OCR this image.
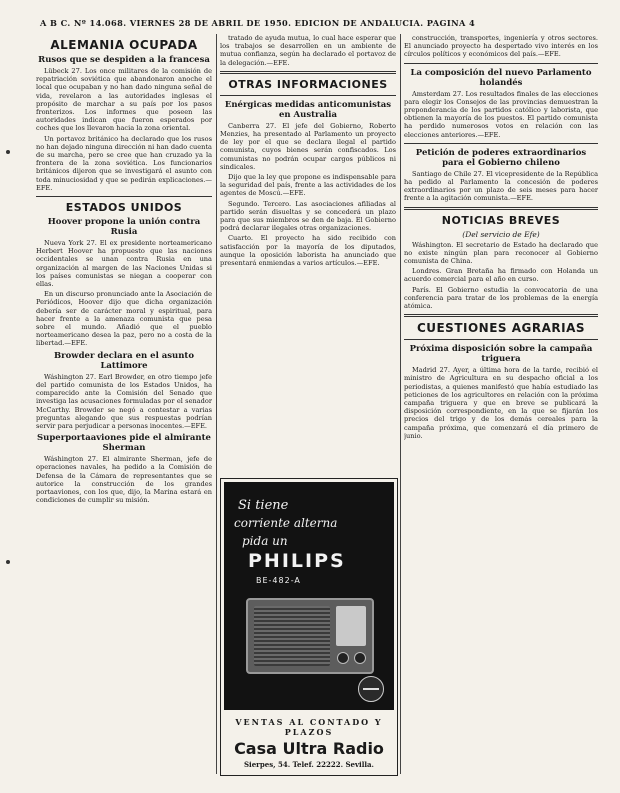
A B C. Nº 14.068. VIERNES 28 DE ABRIL DE 1950. EDICION DE ANDALUCIA. PAGINA 4
ALEMANIA OCUPADA
Rusos que se despiden a la francesa

Lübeck 27. Los once militares de la comisión de repatriación soviética que abandonaron anoche el local que ocupaban y no han dado ninguna señal de vida, revelaron a las autoridades inglesas el propósito de marchar a su país por los pasos fronterizos. Los informes que poseen las autoridades indican que fueron esperados por coches que los llevaron hacia la zona oriental.

Un portavoz británico ha declarado que los rusos no han dejado ninguna dirección ni han dado cuenta de su marcha, pero se cree que han cruzado ya la frontera de la zona soviética. Los funcionarios británicos dijeron que se investigará el asunto con toda minuciosidad y que se pedirán explicaciones.—EFE.

ESTADOS UNIDOS
Hoover propone la unión contra Rusia

Nueva York 27. El ex presidente norteamericano Herbert Hoover ha propuesto que las naciones occidentales se unan contra Rusia en una organización al margen de las Naciones Unidas si los países comunistas se niegan a cooperar con ellas.

En un discurso pronunciado ante la Asociación de Periódicos, Hoover dijo que dicha organización debería ser de carácter moral y espiritual, para hacer frente a la amenaza comunista que pesa sobre el mundo. Añadió que el pueblo norteamericano desea la paz, pero no a costa de la libertad.—EFE.

Browder declara en el asunto Lattimore

Wáshington 27. Earl Browder, en otro tiempo jefe del partido comunista de los Estados Unidos, ha comparecido ante la Comisión del Senado que investiga las acusaciones formuladas por el senador McCarthy. Browder se negó a contestar a varias preguntas alegando que sus respuestas podrían servir para perjudicar a personas inocentes.—EFE.

Superportaaviones pide el almirante Sherman

Wáshington 27. El almirante Sherman, jefe de operaciones navales, ha pedido a la Comisión de Defensa de la Cámara de representantes que se autorice la construcción de los grandes portaaviones, con los que, dijo, la Marina estará en condiciones de cumplir su misión.

tratado de ayuda mutua, lo cual hace esperar que los trabajos se desarrollen en un ambiente de mutua confianza, según ha declarado el portavoz de la delegación.—EFE.

OTRAS INFORMACIONES
Enérgicas medidas anticomunistas en Australia

Canberra 27. El jefe del Gobierno, Roberto Menzies, ha presentado al Parlamento un proyecto de ley por el que se declara ilegal el partido comunista, cuyos bienes serán confiscados. Los comunistas no podrán ocupar cargos públicos ni sindicales.

Dijo que la ley que propone es indispensable para la seguridad del país, frente a las actividades de los agentes de Moscú.—EFE.

Segundo. Tercero. Las asociaciones afiliadas al partido serán disueltas y se concederá un plazo para que sus miembros se den de baja. El Gobierno podrá declarar ilegales otras organizaciones.

Cuarto. El proyecto ha sido recibido con satisfacción por la mayoría de los diputados, aunque la oposición laborista ha anunciado que presentará enmiendas a varios artículos.—EFE.

Si tiene
corriente alterna
pida un
PHILIPS
BE-482-A
VENTAS AL CONTADO Y PLAZOS
Casa Ultra Radio
Sierpes, 54. Telef. 22222. Sevilla.

construcción, transportes, ingeniería y otros sectores. El anunciado proyecto ha despertado vivo interés en los círculos políticos y económicos del país.—EFE.

La composición del nuevo Parlamento holandés

Amsterdam 27. Los resultados finales de las elecciones para elegir los Consejos de las provincias demuestran la preponderancia de los partidos católico y laborista, que obtienen la mayoría de los puestos. El partido comunista ha perdido numerosos votos en relación con las elecciones anteriores.—EFE.

Petición de poderes extraordinarios para el Gobierno chileno

Santiago de Chile 27. El vicepresidente de la República ha pedido al Parlamento la concesión de poderes extraordinarios por un plazo de seis meses para hacer frente a la agitación comunista.—EFE.

NOTICIAS BREVES
(Del servicio de Efe)

Wáshington. El secretario de Estado ha declarado que no existe ningún plan para reconocer al Gobierno comunista de China.

Londres. Gran Bretaña ha firmado con Holanda un acuerdo comercial para el año en curso.

París. El Gobierno estudia la convocatoria de una conferencia para tratar de los problemas de la energía atómica.

CUESTIONES AGRARIAS
Próxima disposición sobre la campaña triguera

Madrid 27. Ayer, a última hora de la tarde, recibió el ministro de Agricultura en su despacho oficial a los periodistas, a quienes manifestó que había estudiado las peticiones de los agricultores en relación con la próxima campaña triguera y que en breve se publicará la disposición correspondiente, en la que se fijarán los precios del trigo y de los demás cereales para la campaña próxima, que comenzará el día primero de junio.
